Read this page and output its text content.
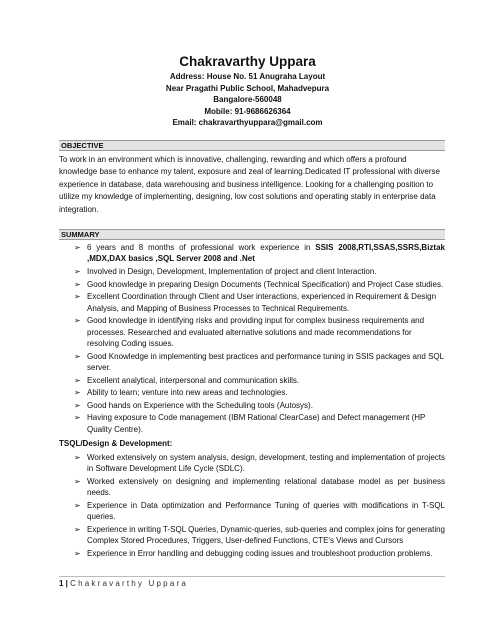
Chakravarthy Uppara
Address: House No. 51 Anugraha Layout
Near Pragathi Public School, Mahadvepura
Bangalore-560048
Mobile: 91-9686626364
Email: chakravarthyuppara@gmail.com
OBJECTIVE

To work in an environment which is innovative, challenging, rewarding and which offers a profound knowledge base to enhance my talent, exposure and zeal of learning.Dedicated IT professional with diverse experience in database, data warehousing and business intelligence. Looking for a challenging position to utilize my knowledge of implementing, designing, low cost solutions and operating stably in enterprise data integration.

SUMMARY
➢ 6 years and 8 months of professional work experience in SSIS 2008,RTI,SSAS,SSRS,Biztak ,MDX,DAX basics ,SQL Server 2008 and .Net
➢ Involved in Design, Development, Implementation of project and client Interaction.
➢ Good knowledge in preparing Design Documents (Technical Specification) and Project Case studies.
➢ Excellent Coordination through Client and User interactions, experienced in Requirement & Design Analysis, and Mapping of Business Processes to Technical Requirements.
➢ Good knowledge in identifying risks and providing input for complex business requirements and processes. Researched and evaluated alternative solutions and made recommendations for resolving Coding issues.
➢ Good Knowledge in implementing best practices and performance tuning in SSIS packages and SQL server.
➢ Excellent analytical, interpersonal and communication skills.
➢ Ability to learn; venture into new areas and technologies.
➢ Good hands on Experience with the Scheduling tools (Autosys).
➢ Having exposure to Code management (IBM Rational ClearCase) and Defect management (HP Quality Centre).
TSQL/Design & Development:
➢ Worked extensively on system analysis, design, development, testing and implementation of projects in Software Development Life Cycle (SDLC).
➢ Worked extensively on designing and implementing relational database model as per business needs.
➢ Experience in Data optimization and Performance Tuning of queries with modifications in T-SQL queries.
➢ Experience in writing T-SQL Queries, Dynamic-queries, sub-queries and complex joins for generating Complex Stored Procedures, Triggers, User-defined Functions, CTE's Views and Cursors
➢ Experience in Error handling and debugging coding issues and troubleshoot production problems.
1 | Chakravarthy Uppara
